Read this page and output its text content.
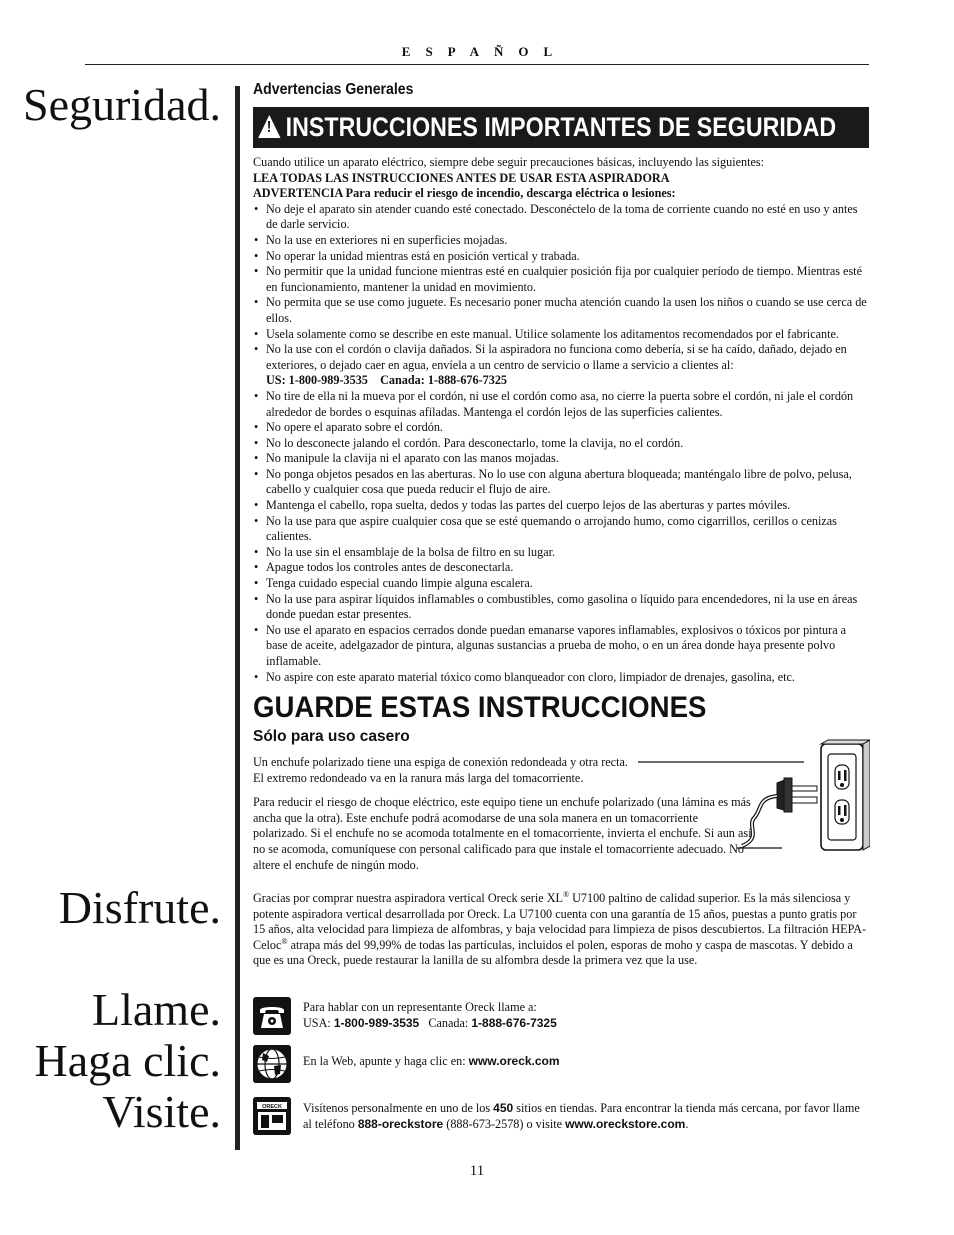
ESPAÑOL
Seguridad.
Disfrute.
Llame.
Haga clic.
Visite.
Advertencias Generales
!INSTRUCCIONES IMPORTANTES DE SEGURIDAD

Cuando utilice un aparato eléctrico, siempre debe seguir precauciones básicas, incluyendo las siguientes:

LEA TODAS LAS INSTRUCCIONES ANTES DE USAR ESTA ASPIRADORA

ADVERTENCIA Para reducir el riesgo de incendio, descarga eléctrica o lesiones:

• No deje el aparato sin atender cuando esté conectado. Desconéctelo de la toma de corriente cuando no esté en uso y antes de darle servicio.
• No la use en exteriores ni en superficies mojadas.
• No operar la unidad mientras está en posición vertical y trabada.
• No permitir que la unidad funcione mientras esté en cualquier posición fija por cualquier período de tiempo. Mientras esté en funcionamiento, mantener la unidad en movimiento.
• No permita que se use como juguete. Es necesario poner mucha atención cuando la usen los niños o cuando se use cerca de ellos.
• Usela solamente como se describe en este manual. Utilice solamente los aditamentos recomendados por el fabricante.
• No la use con el cordón o clavija dañados. Si la aspiradora no funciona como debería, si se ha caído, dañado, dejado en exteriores, o dejado caer en agua, envíela a un centro de servicio o llame a servicio a clientes al:
US: 1-800-989-3535    Canada: 1-888-676-7325
• No tire de ella ni la mueva por el cordón, ni use el cordón como asa, no cierre la puerta sobre el cordón, ni jale el cordón alrededor de bordes o esquinas afiladas. Mantenga el cordón lejos de las superficies calientes.
• No opere el aparato sobre el cordón.
• No lo desconecte jalando el cordón. Para desconectarlo, tome la clavija, no el cordón.
• No manipule la clavija ni el aparato con las manos mojadas.
• No ponga objetos pesados en las aberturas. No lo use con alguna abertura bloqueada; manténgalo libre de polvo, pelusa, cabello y cualquier cosa que pueda reducir el flujo de aire.
• Mantenga el cabello, ropa suelta, dedos y todas las partes del cuerpo lejos de las aberturas y partes móviles.
• No la use para que aspire cualquier cosa que se esté quemando o arrojando humo, como cigarrillos, cerillos o cenizas calientes.
• No la use sin el ensamblaje de la bolsa de filtro en su lugar.
• Apague todos los controles antes de desconectarla.
• Tenga cuidado especial cuando limpie alguna escalera.
• No la use para aspirar líquidos inflamables o combustibles, como gasolina o líquido para encendedores, ni la use en áreas donde puedan estar presentes.
• No use el aparato en espacios cerrados donde puedan emanarse vapores inflamables, explosivos o tóxicos por pintura a base de aceite, adelgazador de pintura, algunas sustancias a prueba de moho, o en un área donde haya presente polvo inflamable.
• No aspire con este aparato material tóxico como blanqueador con cloro, limpiador de drenajes, gasolina, etc.
GUARDE ESTAS INSTRUCCIONES
Sólo para uso casero

Un enchufe polarizado tiene una espiga de conexión redondeada y otra recta. El extremo redondeado va en la ranura más larga del tomacorriente.

Para reducir el riesgo de choque eléctrico, este equipo tiene un enchufe polarizado (una lámina es más ancha que la otra). Este enchufe podrá acomodarse de una sola manera en un tomacorriente polarizado. Si el enchufe no se acomoda totalmente en el tomacorriente, invierta el enchufe. Si aun así no se acomoda, comuníquese con personal calificado para que instale el tomacorriente adecuado. No altere el enchufe de ningún modo.

Gracias por comprar nuestra aspiradora vertical Oreck serie XL® U7100 paltino de calidad superior. Es la más silenciosa y potente aspiradora vertical desarrollada por Oreck. La U7100 cuenta con una garantía de 15 años, puestas a punto gratis por 15 años, alta velocidad para limpieza de alfombras, y baja velocidad para limpieza de pisos descubiertos. La filtración HEPA- Celoc® atrapa más del 99,99% de todas las partículas, incluidos el polen, esporas de moho y caspa de mascotas. Y debido a que es una Oreck, puede restaurar la lanilla de su alfombra desde la primera vez que la use.
ORECK
Para hablar con un representante Oreck llame a:
USA: 1-800-989-3535 Canada: 1-888-676-7325
En la Web, apunte y haga clic en: www.oreck.com
Visítenos personalmente en uno de los 450 sitios en tiendas. Para encontrar la tienda más cercana, por favor llame al teléfono 888-oreckstore (888-673-2578) o visite www.oreckstore.com.
11
